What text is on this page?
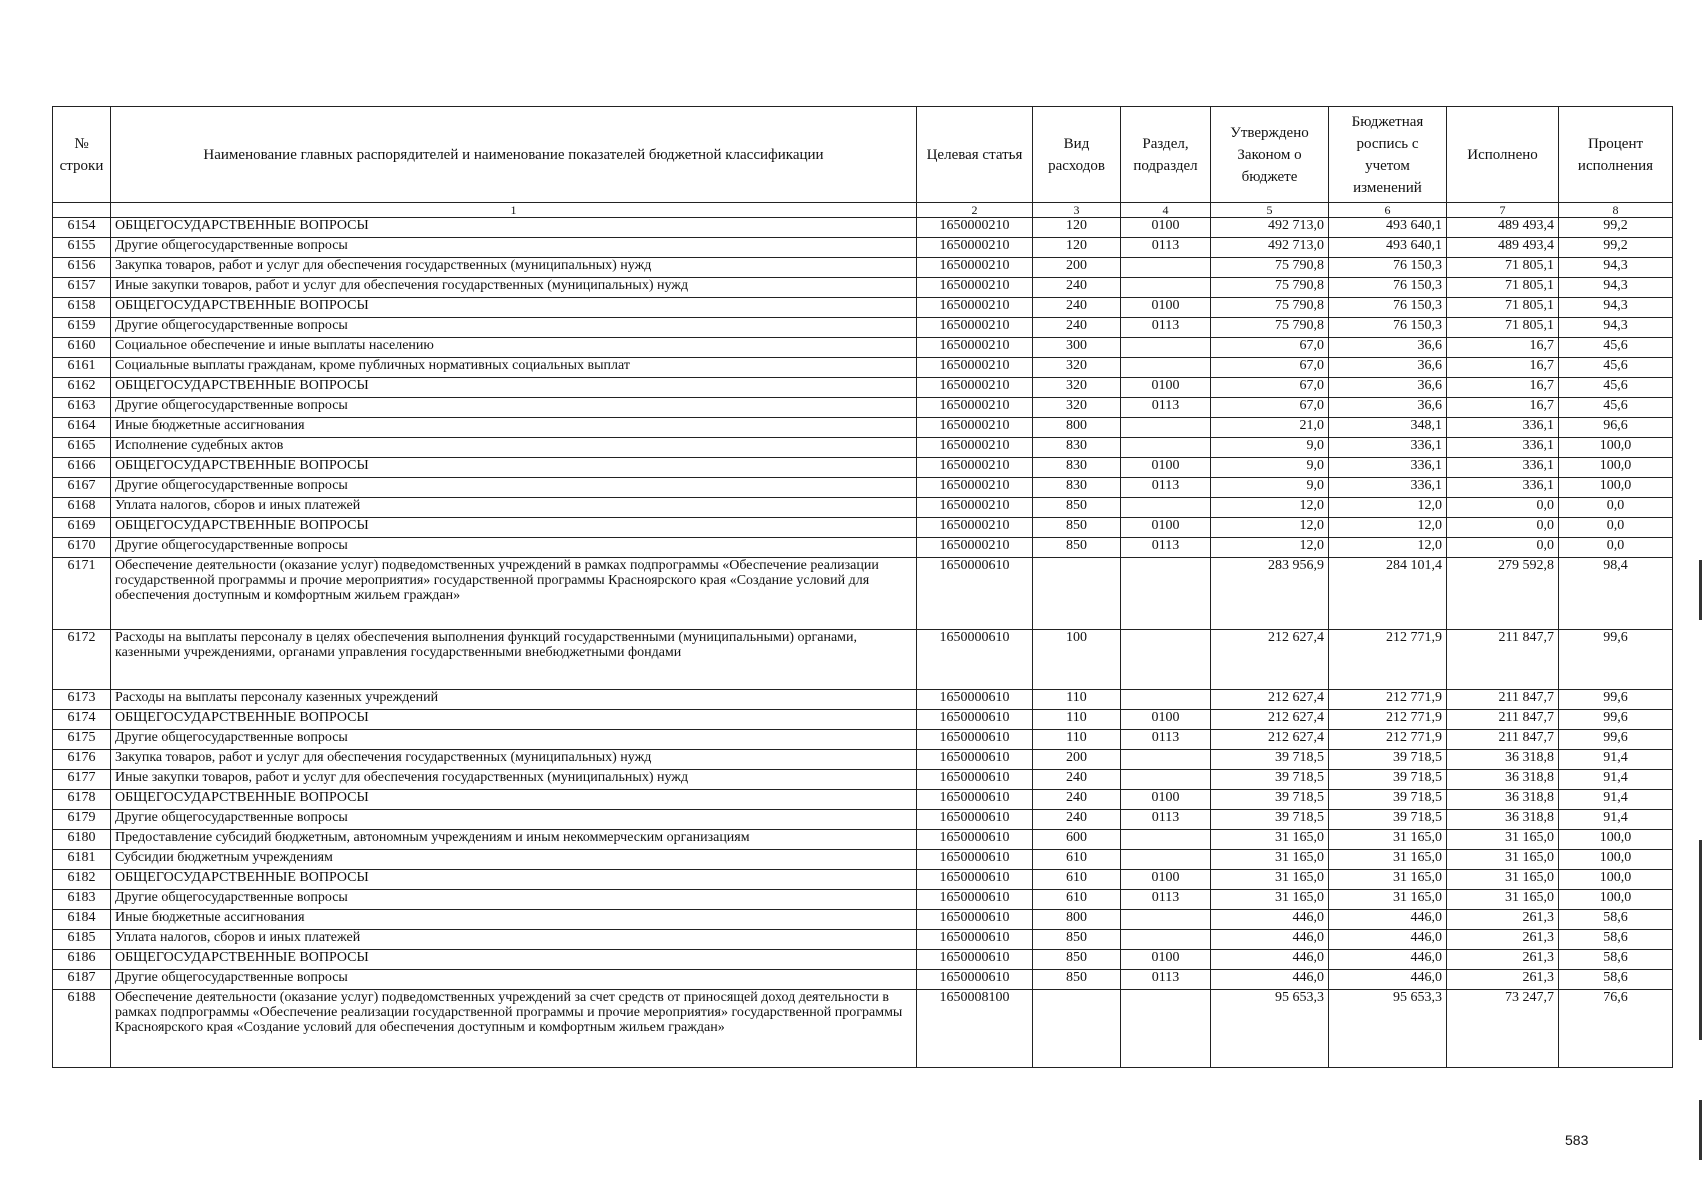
№ строки	Наименование главных распорядителей и наименование показателей бюджетной классификации	Целевая статья	Вид расходов	Раздел, подраздел	Утверждено Законом о бюджете	Бюджетная роспись с учетом изменений	Исполнено	Процент исполнения
	1	2	3	4	5	6	7	8
6154	ОБЩЕГОСУДАРСТВЕННЫЕ ВОПРОСЫ	1650000210	120	0100	492 713,0	493 640,1	489 493,4	99,2
6155	Другие общегосударственные вопросы	1650000210	120	0113	492 713,0	493 640,1	489 493,4	99,2
6156	Закупка товаров, работ и услуг для обеспечения государственных (муниципальных) нужд	1650000210	200		75 790,8	76 150,3	71 805,1	94,3
6157	Иные закупки товаров, работ и услуг для обеспечения государственных (муниципальных) нужд	1650000210	240		75 790,8	76 150,3	71 805,1	94,3
6158	ОБЩЕГОСУДАРСТВЕННЫЕ ВОПРОСЫ	1650000210	240	0100	75 790,8	76 150,3	71 805,1	94,3
6159	Другие общегосударственные вопросы	1650000210	240	0113	75 790,8	76 150,3	71 805,1	94,3
6160	Социальное обеспечение и иные выплаты населению	1650000210	300		67,0	36,6	16,7	45,6
6161	Социальные выплаты гражданам, кроме публичных нормативных социальных выплат	1650000210	320		67,0	36,6	16,7	45,6
6162	ОБЩЕГОСУДАРСТВЕННЫЕ ВОПРОСЫ	1650000210	320	0100	67,0	36,6	16,7	45,6
6163	Другие общегосударственные вопросы	1650000210	320	0113	67,0	36,6	16,7	45,6
6164	Иные бюджетные ассигнования	1650000210	800		21,0	348,1	336,1	96,6
6165	Исполнение судебных актов	1650000210	830		9,0	336,1	336,1	100,0
6166	ОБЩЕГОСУДАРСТВЕННЫЕ ВОПРОСЫ	1650000210	830	0100	9,0	336,1	336,1	100,0
6167	Другие общегосударственные вопросы	1650000210	830	0113	9,0	336,1	336,1	100,0
6168	Уплата налогов, сборов и иных платежей	1650000210	850		12,0	12,0	0,0	0,0
6169	ОБЩЕГОСУДАРСТВЕННЫЕ ВОПРОСЫ	1650000210	850	0100	12,0	12,0	0,0	0,0
6170	Другие общегосударственные вопросы	1650000210	850	0113	12,0	12,0	0,0	0,0
6171	Обеспечение деятельности (оказание услуг) подведомственных учреждений в рамках подпрограммы «Обеспечение реализации государственной программы и прочие мероприятия» государственной программы Красноярского края «Создание условий для обеспечения доступным и комфортным жильем граждан»	1650000610			283 956,9	284 101,4	279 592,8	98,4
6172	Расходы на выплаты персоналу в целях обеспечения выполнения функций государственными (муниципальными) органами, казенными учреждениями, органами управления государственными внебюджетными фондами	1650000610	100		212 627,4	212 771,9	211 847,7	99,6
6173	Расходы на выплаты персоналу казенных учреждений	1650000610	110		212 627,4	212 771,9	211 847,7	99,6
6174	ОБЩЕГОСУДАРСТВЕННЫЕ ВОПРОСЫ	1650000610	110	0100	212 627,4	212 771,9	211 847,7	99,6
6175	Другие общегосударственные вопросы	1650000610	110	0113	212 627,4	212 771,9	211 847,7	99,6
6176	Закупка товаров, работ и услуг для обеспечения государственных (муниципальных) нужд	1650000610	200		39 718,5	39 718,5	36 318,8	91,4
6177	Иные закупки товаров, работ и услуг для обеспечения государственных (муниципальных) нужд	1650000610	240		39 718,5	39 718,5	36 318,8	91,4
6178	ОБЩЕГОСУДАРСТВЕННЫЕ ВОПРОСЫ	1650000610	240	0100	39 718,5	39 718,5	36 318,8	91,4
6179	Другие общегосударственные вопросы	1650000610	240	0113	39 718,5	39 718,5	36 318,8	91,4
6180	Предоставление субсидий бюджетным, автономным учреждениям и иным некоммерческим организациям	1650000610	600		31 165,0	31 165,0	31 165,0	100,0
6181	Субсидии бюджетным учреждениям	1650000610	610		31 165,0	31 165,0	31 165,0	100,0
6182	ОБЩЕГОСУДАРСТВЕННЫЕ ВОПРОСЫ	1650000610	610	0100	31 165,0	31 165,0	31 165,0	100,0
6183	Другие общегосударственные вопросы	1650000610	610	0113	31 165,0	31 165,0	31 165,0	100,0
6184	Иные бюджетные ассигнования	1650000610	800		446,0	446,0	261,3	58,6
6185	Уплата налогов, сборов и иных платежей	1650000610	850		446,0	446,0	261,3	58,6
6186	ОБЩЕГОСУДАРСТВЕННЫЕ ВОПРОСЫ	1650000610	850	0100	446,0	446,0	261,3	58,6
6187	Другие общегосударственные вопросы	1650000610	850	0113	446,0	446,0	261,3	58,6
6188	Обеспечение деятельности (оказание услуг) подведомственных учреждений за счет средств от приносящей доход деятельности в рамках подпрограммы «Обеспечение реализации государственной программы и прочие мероприятия» государственной программы Красноярского края «Создание условий для обеспечения доступным и комфортным жильем граждан»	1650008100			95 653,3	95 653,3	73 247,7	76,6
583
